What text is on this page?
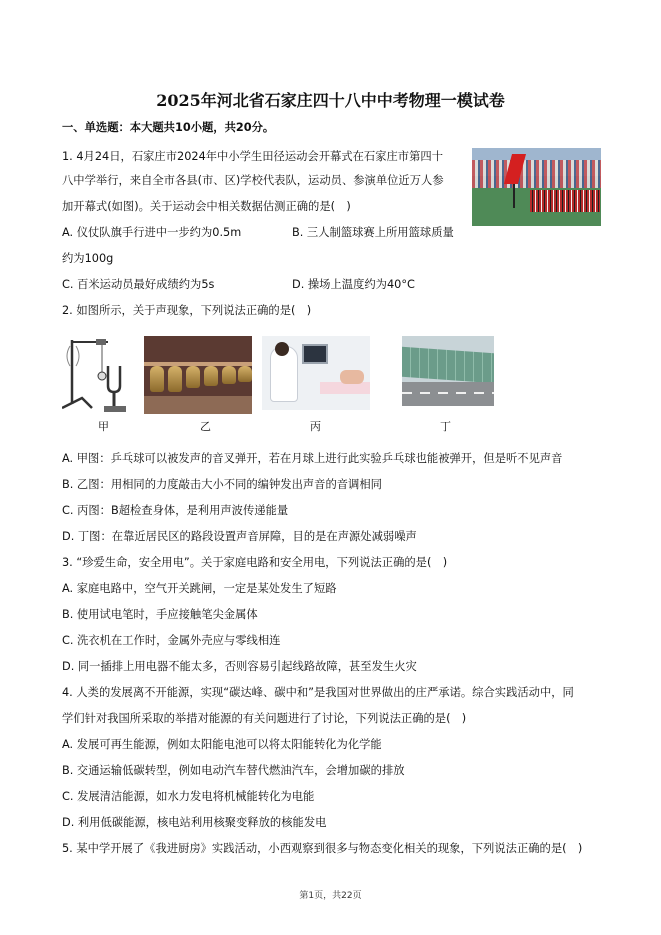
2025年河北省石家庄四十八中中考物理一模试卷
一、单选题：本大题共10小题，共20分。
1. 4月24日，石家庄市2024年中小学生田径运动会开幕式在石家庄市第四十
八中学举行，来自全市各县(市、区)学校代表队，运动员、参演单位近万人参
加开幕式(如图)。关于运动会中相关数据估测正确的是(　)
A. 仪仗队旗手行进中一步约为0.5m	B. 三人制篮球赛上所用篮球质量
约为100g
C. 百米运动员最好成绩约为5s	D. 操场上温度约为40°C
2. 如图所示，关于声现象，下列说法正确的是(　)
甲	乙	丙	丁
A. 甲图：乒乓球可以被发声的音叉弹开，若在月球上进行此实验乒乓球也能被弹开，但是听不见声音
B. 乙图：用相同的力度敲击大小不同的编钟发出声音的音调相同
C. 丙图：B超检查身体，是利用声波传递能量
D. 丁图：在靠近居民区的路段设置声音屏障，目的是在声源处减弱噪声
3. “珍爱生命，安全用电”。关于家庭电路和安全用电，下列说法正确的是(　)
A. 家庭电路中，空气开关跳闸，一定是某处发生了短路
B. 使用试电笔时，手应接触笔尖金属体
C. 洗衣机在工作时，金属外壳应与零线相连
D. 同一插排上用电器不能太多，否则容易引起线路故障，甚至发生火灾
4. 人类的发展离不开能源，实现“碳达峰、碳中和”是我国对世界做出的庄严承诺。综合实践活动中，同
学们针对我国所采取的举措对能源的有关问题进行了讨论，下列说法正确的是(　)
A. 发展可再生能源，例如太阳能电池可以将太阳能转化为化学能
B. 交通运输低碳转型，例如电动汽车替代燃油汽车，会增加碳的排放
C. 发展清洁能源，如水力发电将机械能转化为电能
D. 利用低碳能源，核电站利用核聚变释放的核能发电
5. 某中学开展了《我进厨房》实践活动，小西观察到很多与物态变化相关的现象，下列说法正确的是(　)
第1页，共22页
